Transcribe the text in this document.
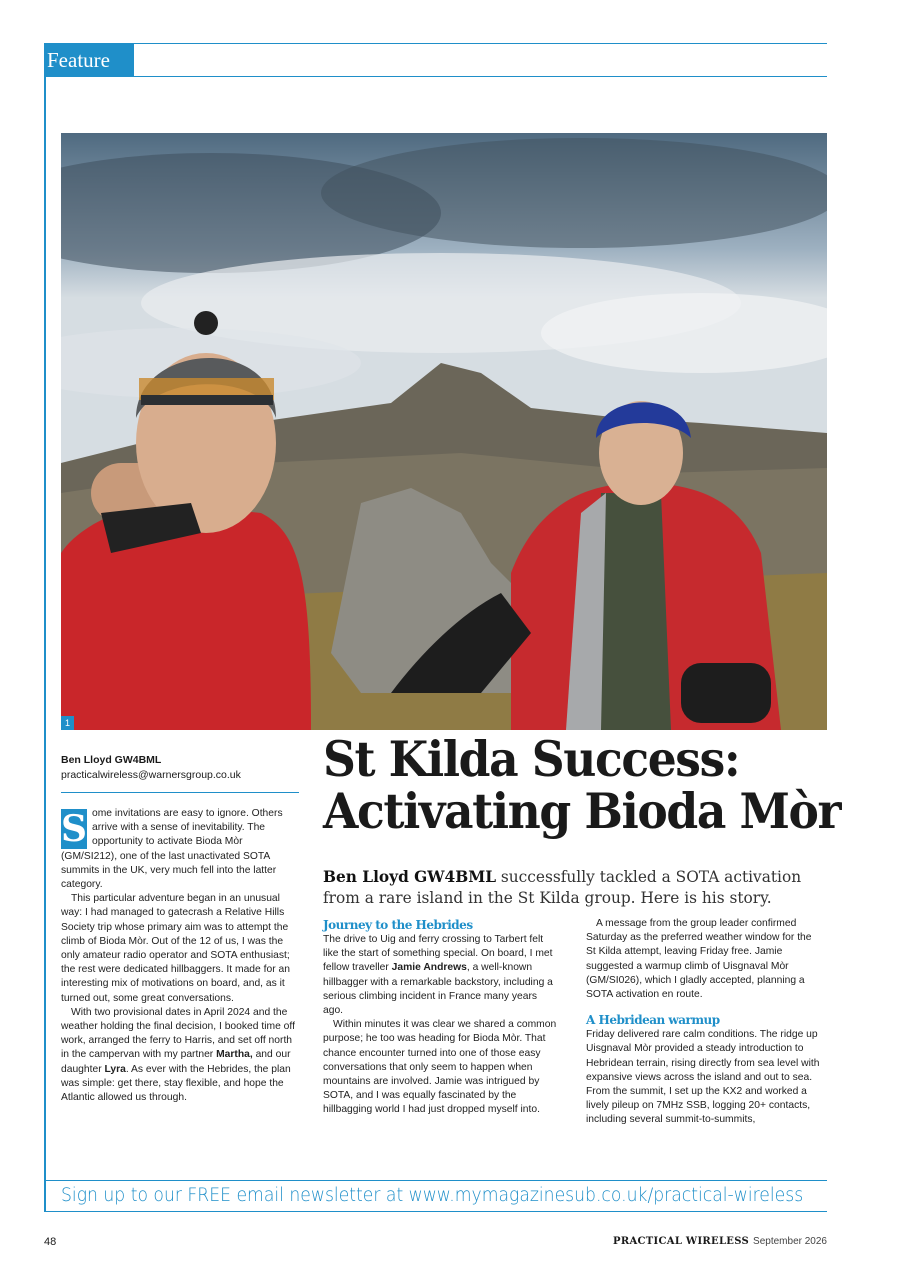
Feature
1
Ben Lloyd GW4BML
practicalwireless@warnersgroup.co.uk	St Kilda Success:
Activating Bioda Mòr
Ben Lloyd GW4BML successfully tackled a SOTA activation from a rare island in the St Kilda group. Here is his story.

S ome invitations are easy to ignore. Others arrive with a sense of inevitability. The opportunity to activate Bioda Mòr (GM/SI212), one of the last unactivated SOTA summits in the UK, very much fell into the latter category.

This particular adventure began in an unusual way: I had managed to gatecrash a Relative Hills Society trip whose primary aim was to attempt the climb of Bioda Mòr. Out of the 12 of us, I was the only amateur radio operator and SOTA enthusiast; the rest were dedicated hillbaggers. It made for an interesting mix of motivations on board, and, as it turned out, some great conversations.

With two provisional dates in April 2024 and the weather holding the final decision, I booked time off work, arranged the ferry to Harris, and set off north in the campervan with my partner Martha, and our daughter Lyra. As ever with the Hebrides, the plan was simple: get there, stay flexible, and hope the Atlantic allowed us through.

Journey to the Hebrides

The drive to Uig and ferry crossing to Tarbert felt like the start of something special. On board, I met fellow traveller Jamie Andrews, a well-known hillbagger with a remarkable backstory, including a serious climbing incident in France many years ago.

Within minutes it was clear we shared a common purpose; he too was heading for Bioda Mòr. That chance encounter turned into one of those easy conversations that only seem to happen when mountains are involved. Jamie was intrigued by SOTA, and I was equally fascinated by the hillbagging world I had just dropped myself into.

A message from the group leader confirmed Saturday as the preferred weather window for the St Kilda attempt, leaving Friday free. Jamie suggested a warmup climb of Uisgnaval Mòr (GM/SI026), which I gladly accepted, planning a SOTA activation en route.

A Hebridean warmup

Friday delivered rare calm conditions. The ridge up Uisgnaval Mòr provided a steady introduction to Hebridean terrain, rising directly from sea level with expansive views across the island and out to sea. From the summit, I set up the KX2 and worked a lively pileup on 7MHz SSB, logging 20+ contacts, including several summit-to-summits,

Sign up to our FREE email newsletter at www.mymagazinesub.co.uk/practical-wireless
48	PRACTICAL WIRELESS September 2026
